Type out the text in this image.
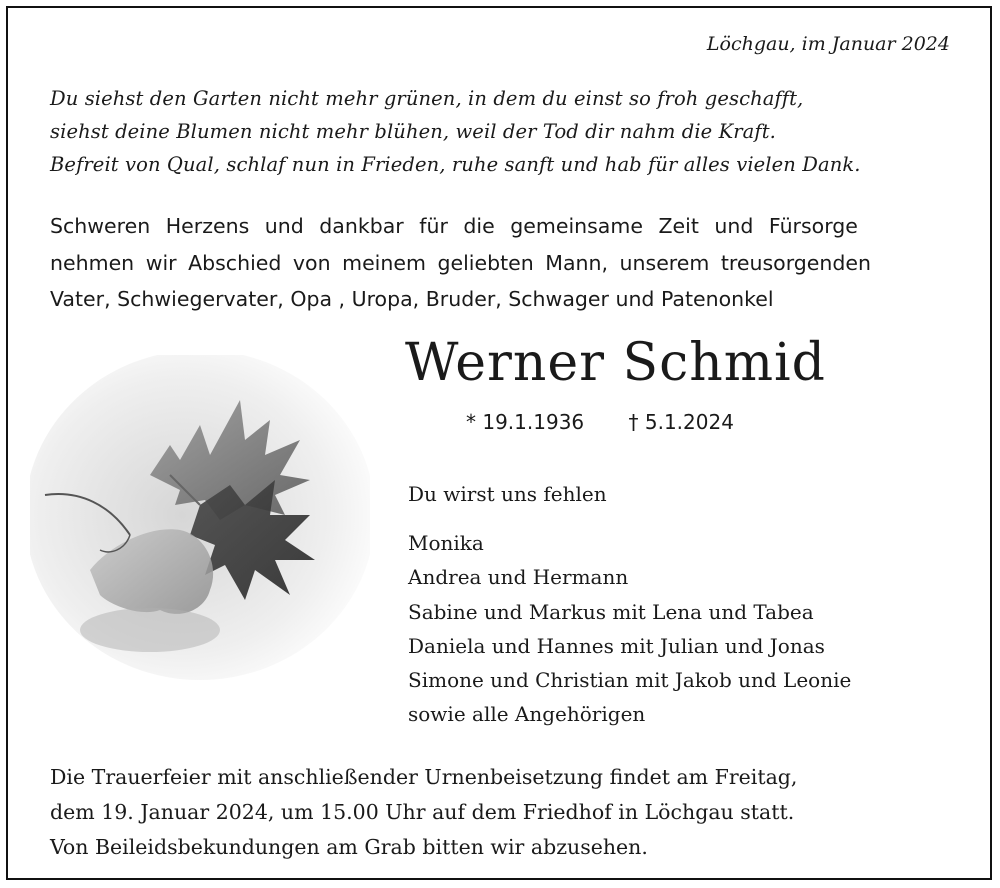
Löchgau, im Januar 2024
Du siehst den Garten nicht mehr grünen, in dem du einst so froh geschafft,
siehst deine Blumen nicht mehr blühen, weil der Tod dir nahm die Kraft.
Befreit von Qual, schlaf nun in Frieden, ruhe sanft und hab für alles vielen Dank.
Schweren Herzens und dankbar für die gemeinsame Zeit und Fürsorge
nehmen wir Abschied von meinem geliebten Mann, unserem treusorgenden
Vater, Schwiegervater, Opa , Uropa, Bruder, Schwager und Patenonkel
Werner Schmid
* 19.1.1936 † 5.1.2024
Du wirst uns fehlen
Monika
Andrea und Hermann
Sabine und Markus mit Lena und Tabea
Daniela und Hannes mit Julian und Jonas
Simone und Christian mit Jakob und Leonie
sowie alle Angehörigen
Die Trauerfeier mit anschließender Urnenbeisetzung findet am Freitag,
dem 19. Januar 2024, um 15.00 Uhr auf dem Friedhof in Löchgau statt.
Von Beileidsbekundungen am Grab bitten wir abzusehen.
